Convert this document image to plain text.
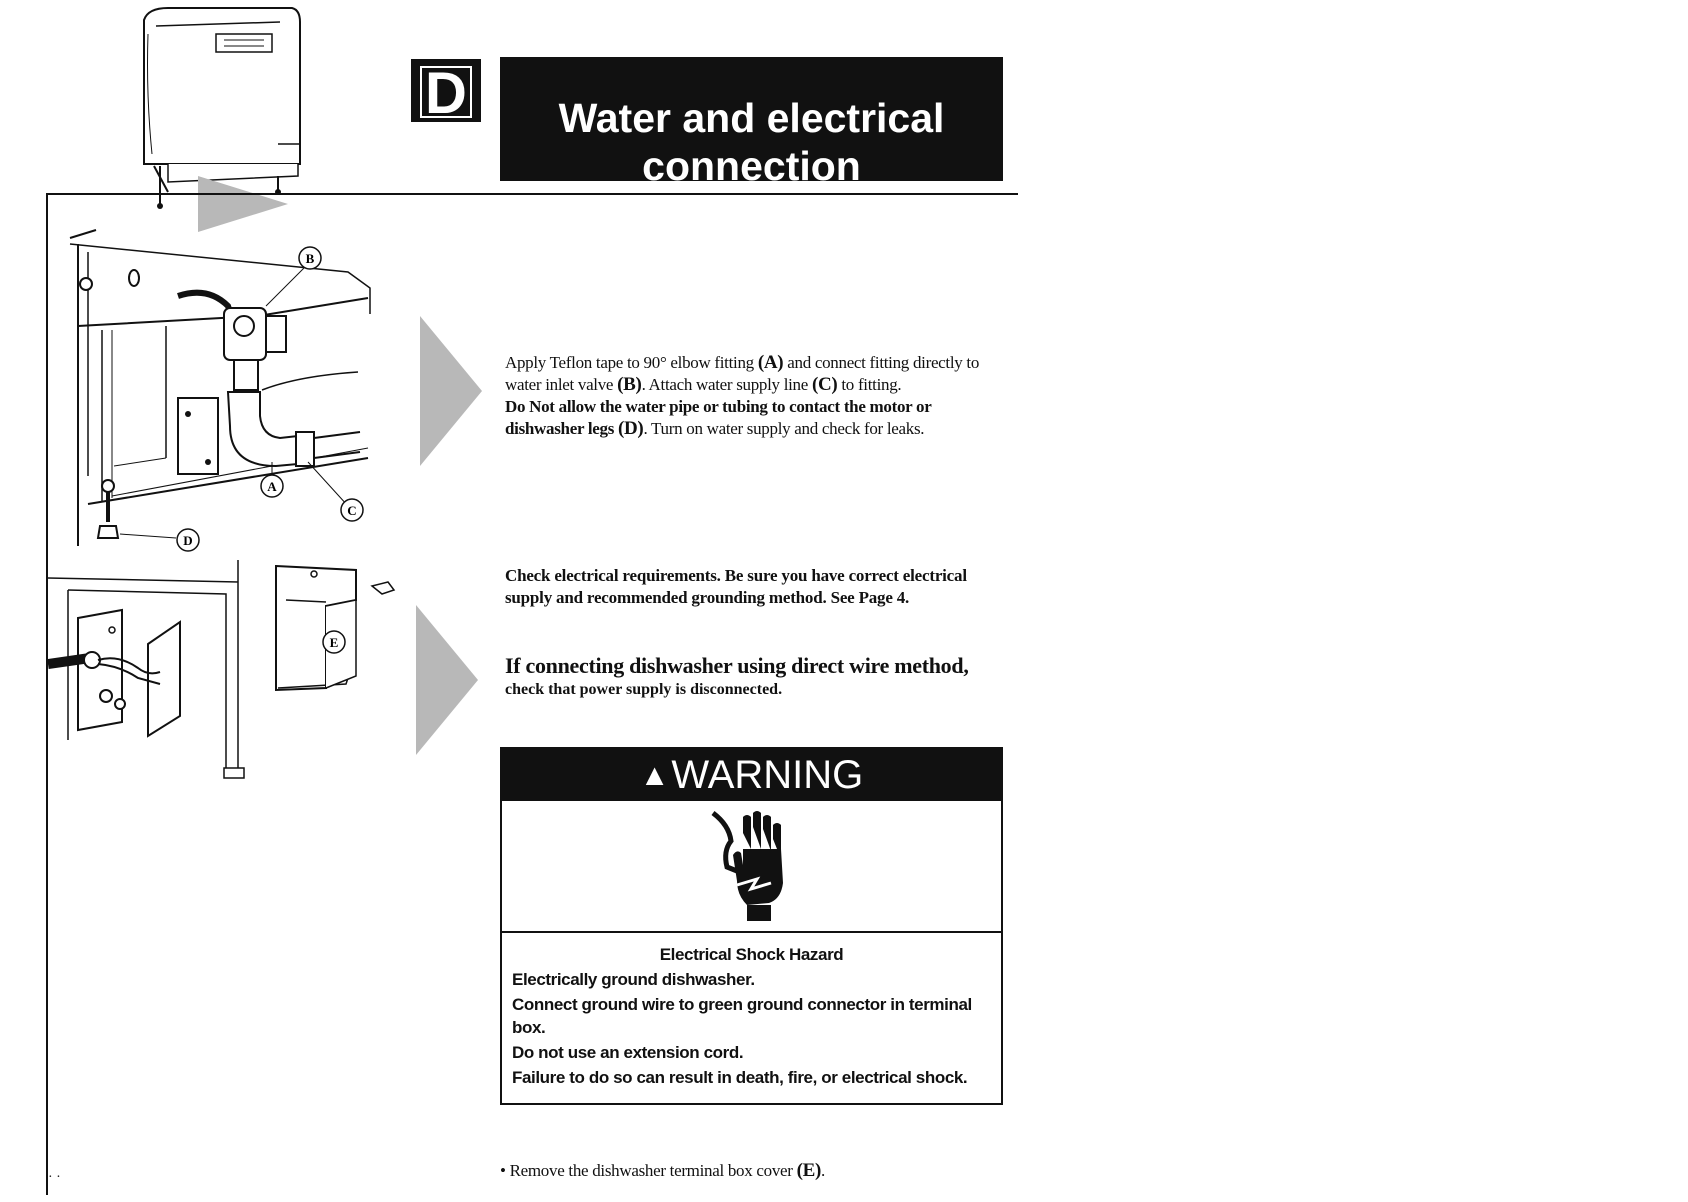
D	Water and electrical
connection
B
A
C
D
E
Apply Teflon tape to 90° elbow fitting (A) and connect fitting directly to water inlet valve (B). Attach water supply line (C) to fitting.
Do Not allow the water pipe or tubing to contact the motor or dishwasher legs (D). Turn on water supply and check for leaks.
Check electrical requirements. Be sure you have correct electrical supply and recommended grounding method. See Page 4.
If connecting dishwasher using direct wire method,
check that power supply is disconnected.
▲WARNING
Electrical Shock Hazard
Electrically ground dishwasher.
Connect ground wire to green ground connector in terminal box.
Do not use an extension cord.
Failure to do so can result in death, fire, or electrical shock.
• Remove the dishwasher terminal box cover (E).
· ·
